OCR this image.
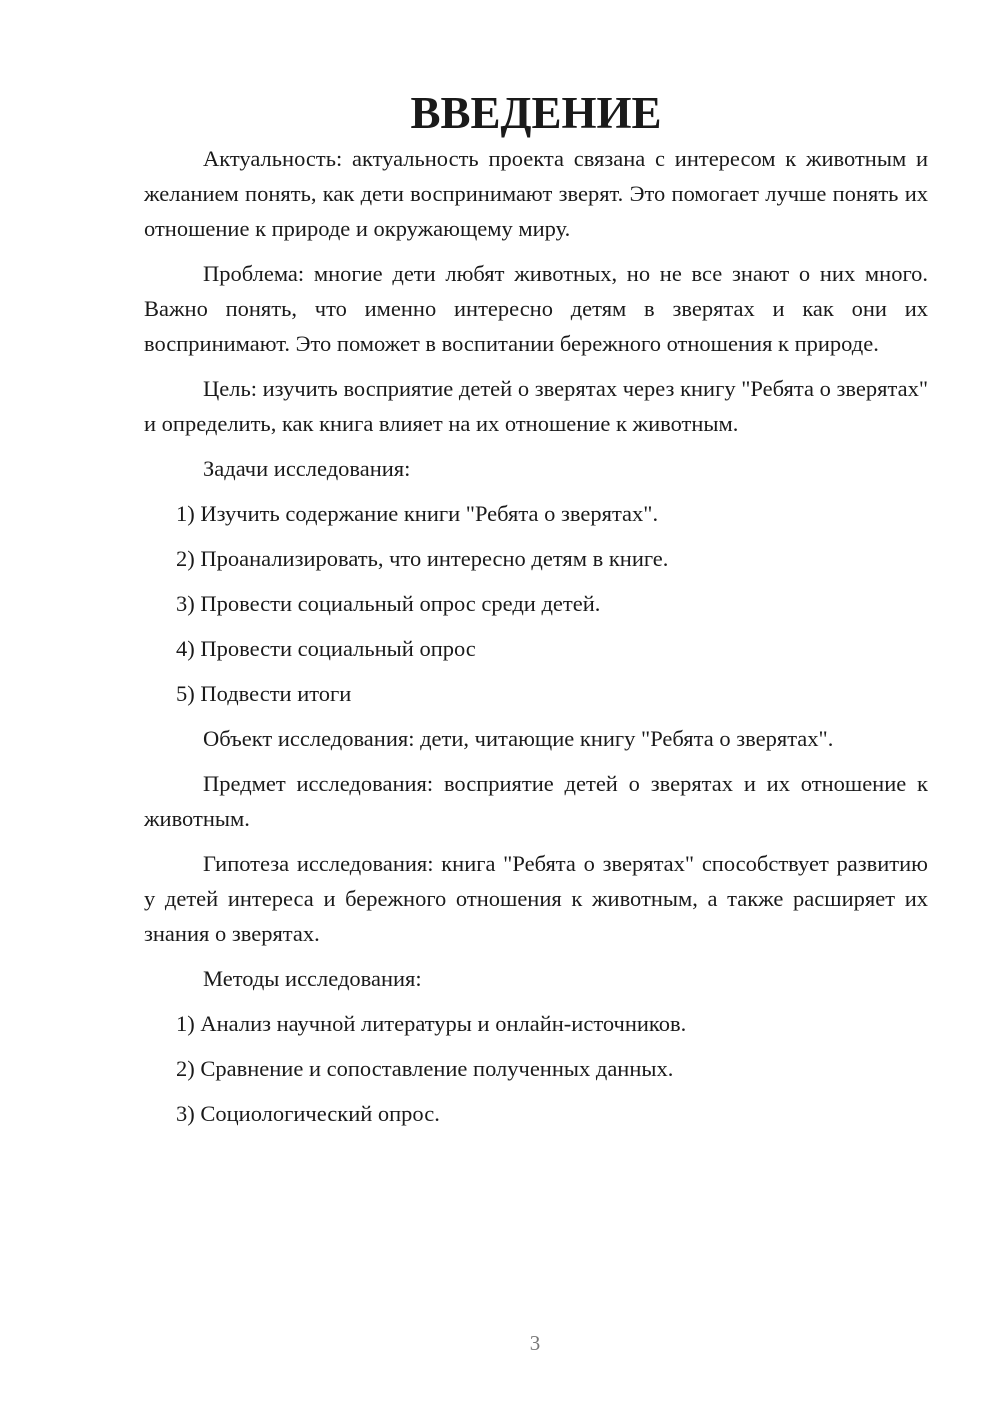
ВВЕДЕНИЕ

Актуальность: актуальность проекта связана с интересом к животным и желанием понять, как дети воспринимают зверят. Это помогает лучше понять их отношение к природе и окружающему миру.

Проблема: многие дети любят животных, но не все знают о них много. Важно понять, что именно интересно детям в зверятах и как они их воспринимают. Это поможет в воспитании бережного отношения к природе.

Цель: изучить восприятие детей о зверятах через книгу "Ребята о зверятах" и определить, как книга влияет на их отношение к животным.

Задачи исследования:

1) Изучить содержание книги "Ребята о зверятах".

2) Проанализировать, что интересно детям в книге.

3) Провести социальный опрос среди детей.

4) Провести социальный опрос

5) Подвести итоги

Объект исследования: дети, читающие книгу "Ребята о зверятах".

Предмет исследования: восприятие детей о зверятах и их отношение к животным.

Гипотеза исследования: книга "Ребята о зверятах" способствует развитию у детей интереса и бережного отношения к животным, а также расширяет их знания о зверятах.

Методы исследования:

1) Анализ научной литературы и онлайн-источников.

2) Сравнение и сопоставление полученных данных.

3) Социологический опрос.

3
